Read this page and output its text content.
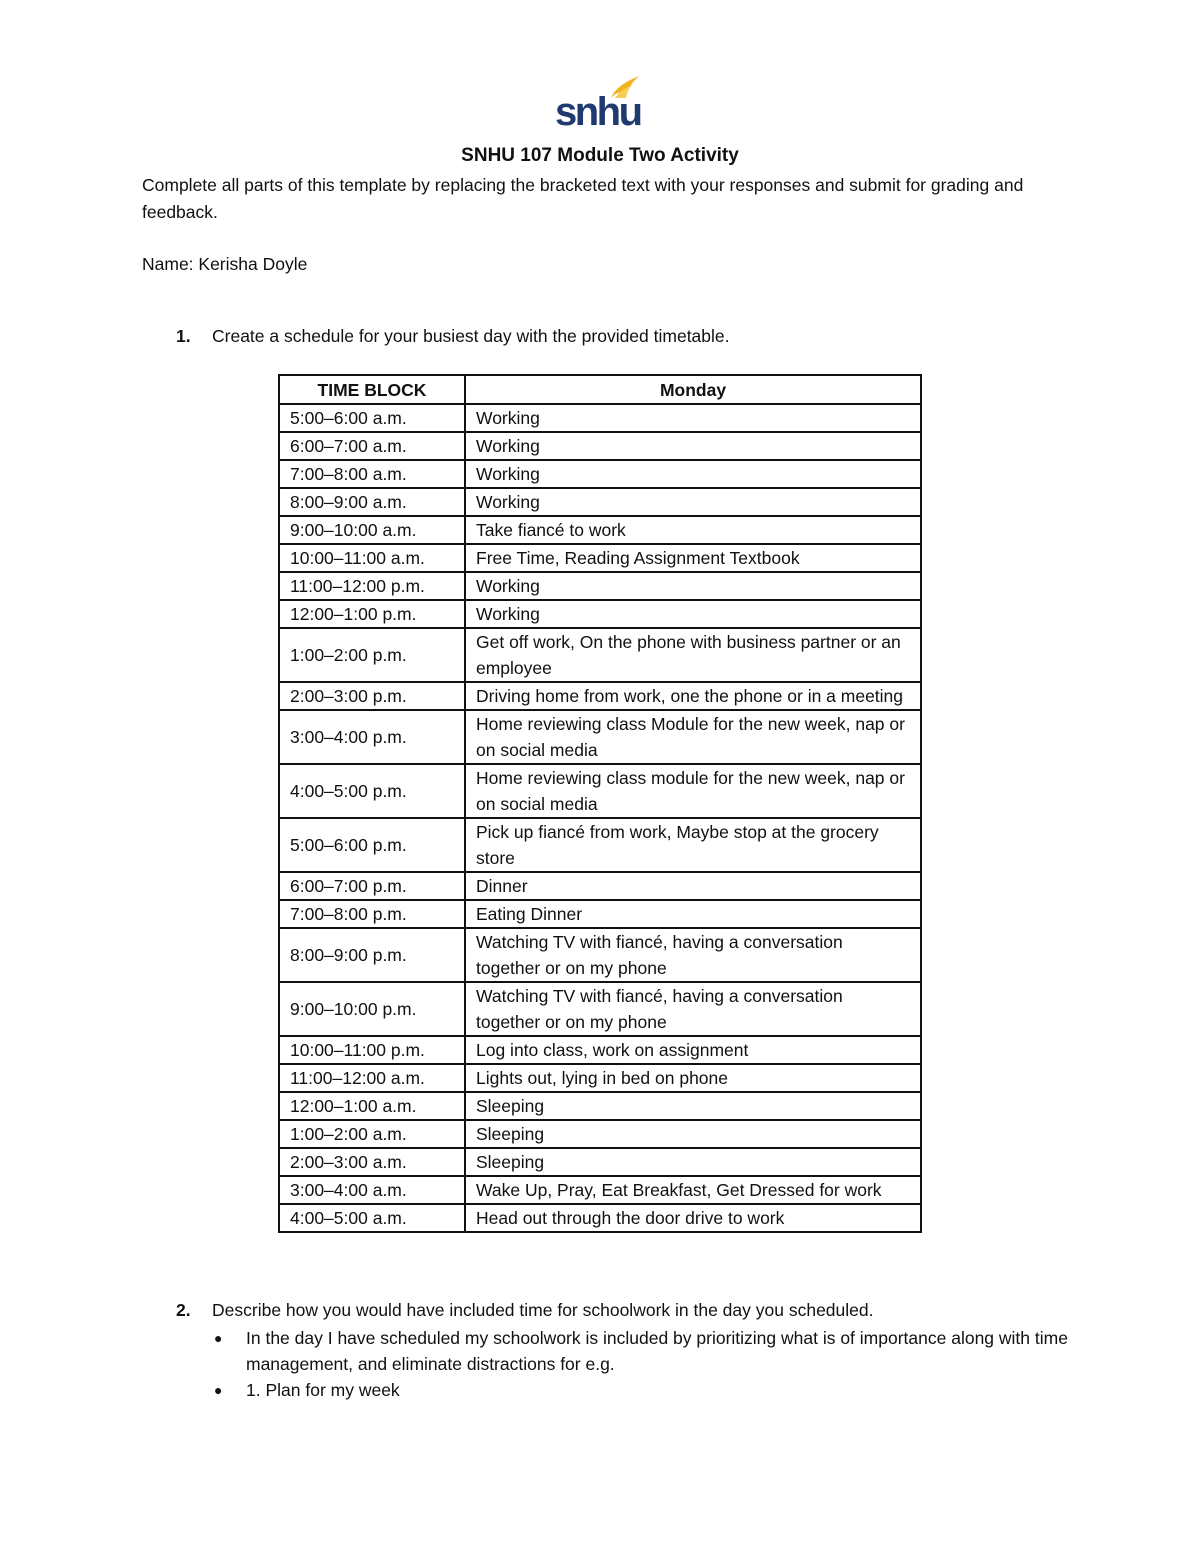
snhu
SNHU 107 Module Two Activity
Complete all parts of this template by replacing the bracketed text with your responses and submit for grading and feedback.
Name: Kerisha Doyle
1. Create a schedule for your busiest day with the provided timetable.
TIME BLOCK	Monday
5:00–6:00 a.m.	Working
6:00–7:00 a.m.	Working
7:00–8:00 a.m.	Working
8:00–9:00 a.m.	Working
9:00–10:00 a.m.	Take fiancé to work
10:00–11:00 a.m.	Free Time, Reading Assignment Textbook
11:00–12:00 p.m.	Working
12:00–1:00 p.m.	Working
1:00–2:00 p.m.	Get off work, On the phone with business partner or an employee
2:00–3:00 p.m.	Driving home from work, one the phone or in a meeting
3:00–4:00 p.m.	Home reviewing class Module for the new week, nap or on social media
4:00–5:00 p.m.	Home reviewing class module for the new week, nap or on social media
5:00–6:00 p.m.	Pick up fiancé from work, Maybe stop at the grocery store
6:00–7:00 p.m.	Dinner
7:00–8:00 p.m.	Eating Dinner
8:00–9:00 p.m.	Watching TV with fiancé, having a conversation together or on my phone
9:00–10:00 p.m.	Watching TV with fiancé, having a conversation together or on my phone
10:00–11:00 p.m.	Log into class, work on assignment
11:00–12:00 a.m.	Lights out, lying in bed on phone
12:00–1:00 a.m.	Sleeping
1:00–2:00 a.m.	Sleeping
2:00–3:00 a.m.	Sleeping
3:00–4:00 a.m.	Wake Up, Pray, Eat Breakfast, Get Dressed for work
4:00–5:00 a.m.	Head out through the door drive to work
2. Describe how you would have included time for schoolwork in the day you scheduled.
● In the day I have scheduled my schoolwork is included by prioritizing what is of importance along with time management, and eliminate distractions for e.g.
● 1. Plan for my week
